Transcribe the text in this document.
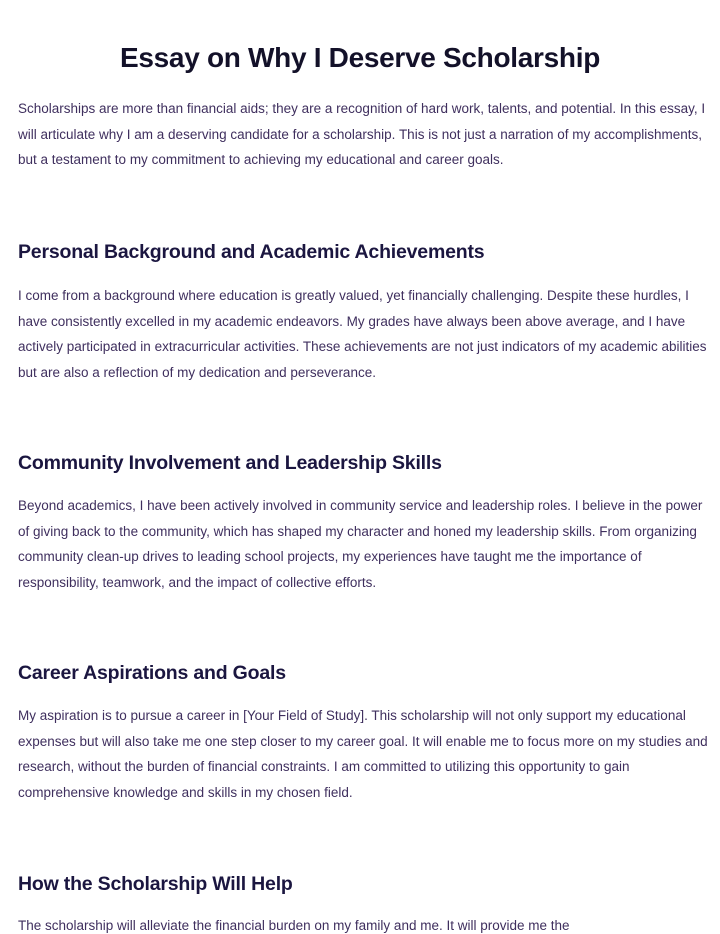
Essay on Why I Deserve Scholarship

Scholarships are more than financial aids; they are a recognition of hard work, talents, and potential. In this essay, I will articulate why I am a deserving candidate for a scholarship. This is not just a narration of my accomplishments, but a testament to my commitment to achieving my educational and career goals.

Personal Background and Academic Achievements

I come from a background where education is greatly valued, yet financially challenging. Despite these hurdles, I have consistently excelled in my academic endeavors. My grades have always been above average, and I have actively participated in extracurricular activities. These achievements are not just indicators of my academic abilities but are also a reflection of my dedication and perseverance.

Community Involvement and Leadership Skills

Beyond academics, I have been actively involved in community service and leadership roles. I believe in the power of giving back to the community, which has shaped my character and honed my leadership skills. From organizing community clean-up drives to leading school projects, my experiences have taught me the importance of responsibility, teamwork, and the impact of collective efforts.

Career Aspirations and Goals

My aspiration is to pursue a career in [Your Field of Study]. This scholarship will not only support my educational expenses but will also take me one step closer to my career goal. It will enable me to focus more on my studies and research, without the burden of financial constraints. I am committed to utilizing this opportunity to gain comprehensive knowledge and skills in my chosen field.

How the Scholarship Will Help

The scholarship will alleviate the financial burden on my family and me. It will provide me the
